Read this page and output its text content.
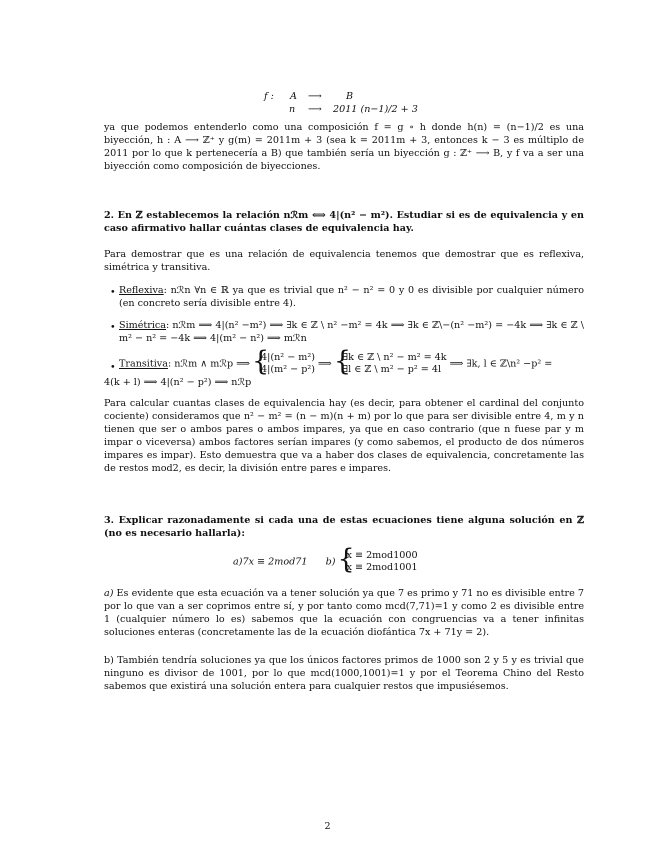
f : A ⟶	B
n ⟶ 2011 (n−1)/2 + 3

ya que podemos entenderlo como una composición f = g ∘ h donde h(n) = (n−1)/2 es una biyección, h : A ⟶ ℤ⁺ y g(m) = 2011m + 3 (sea k = 2011m + 3, entonces k − 3 es múltiplo de 2011 por lo que k pertenecería a B) que también sería un biyección g : ℤ⁺ ⟶ B, y f va a ser una biyección como composición de biyecciones.

2. En ℤ establecemos la relación nℛm ⟺ 4|(n² − m²). Estudiar si es de equivalencia y en caso afirmativo hallar cuántas clases de equivalencia hay.

Para demostrar que es una relación de equivalencia tenemos que demostrar que es reflexiva, simétrica y transitiva.

• Reflexiva: nℛn ∀n ∈ ℝ ya que es trivial que n² − n² = 0 y 0 es divisible por cualquier número (en concreto sería divisible entre 4).

• Simétrica: nℛm ⟹ 4|(n² −m²) ⟹ ∃k ∈ ℤ \ n² −m² = 4k ⟹ ∃k ∈ ℤ\−(n² −m²) = −4k ⟹ ∃k ∈ ℤ \ m² − n² = −4k ⟹ 4|(m² − n²) ⟹ mℛn

• Transitiva: nℛm ∧ mℛp ⟹
{ 4|(n² − m²)
4|(m² − p²) ⟹
{ ∃k ∈ ℤ \ n² − m² = 4k
∃l ∈ ℤ \ m² − p² = 4l ⟹ ∃k, l ∈ ℤ\n² −p² =

4(k + l) ⟹ 4|(n² − p²) ⟹ nℛp

Para calcular cuantas clases de equivalencia hay (es decir, para obtener el cardinal del conjunto cociente) consideramos que n² − m² = (n − m)(n + m) por lo que para ser divisible entre 4, m y n tienen que ser o ambos pares o ambos impares, ya que en caso contrario (que n fuese par y m impar o viceversa) ambos factores serían impares (y como sabemos, el producto de dos números impares es impar). Esto demuestra que va a haber dos clases de equivalencia, concretamente las de restos mod2, es decir, la división entre pares e impares.

3. Explicar razonadamente si cada una de estas ecuaciones tiene alguna solución en ℤ (no es necesario hallarla):

a)7x ≡ 2mod71 b)
{ x ≡ 2mod1000
x ≡ 2mod1001

a) Es evidente que esta ecuación va a tener solución ya que 7 es primo y 71 no es divisible entre 7 por lo que van a ser coprimos entre sí, y por tanto como mcd(7,71)=1 y como 2 es divisible entre 1 (cualquier número lo es) sabemos que la ecuación con congruencias va a tener infinitas soluciones enteras (concretamente las de la ecuación diofántica 7x + 71y = 2).

b) También tendría soluciones ya que los únicos factores primos de 1000 son 2 y 5 y es trivial que ninguno es divisor de 1001, por lo que mcd(1000,1001)=1 y por el Teorema Chino del Resto sabemos que existirá una solución entera para cualquier restos que impusiésemos.

2
